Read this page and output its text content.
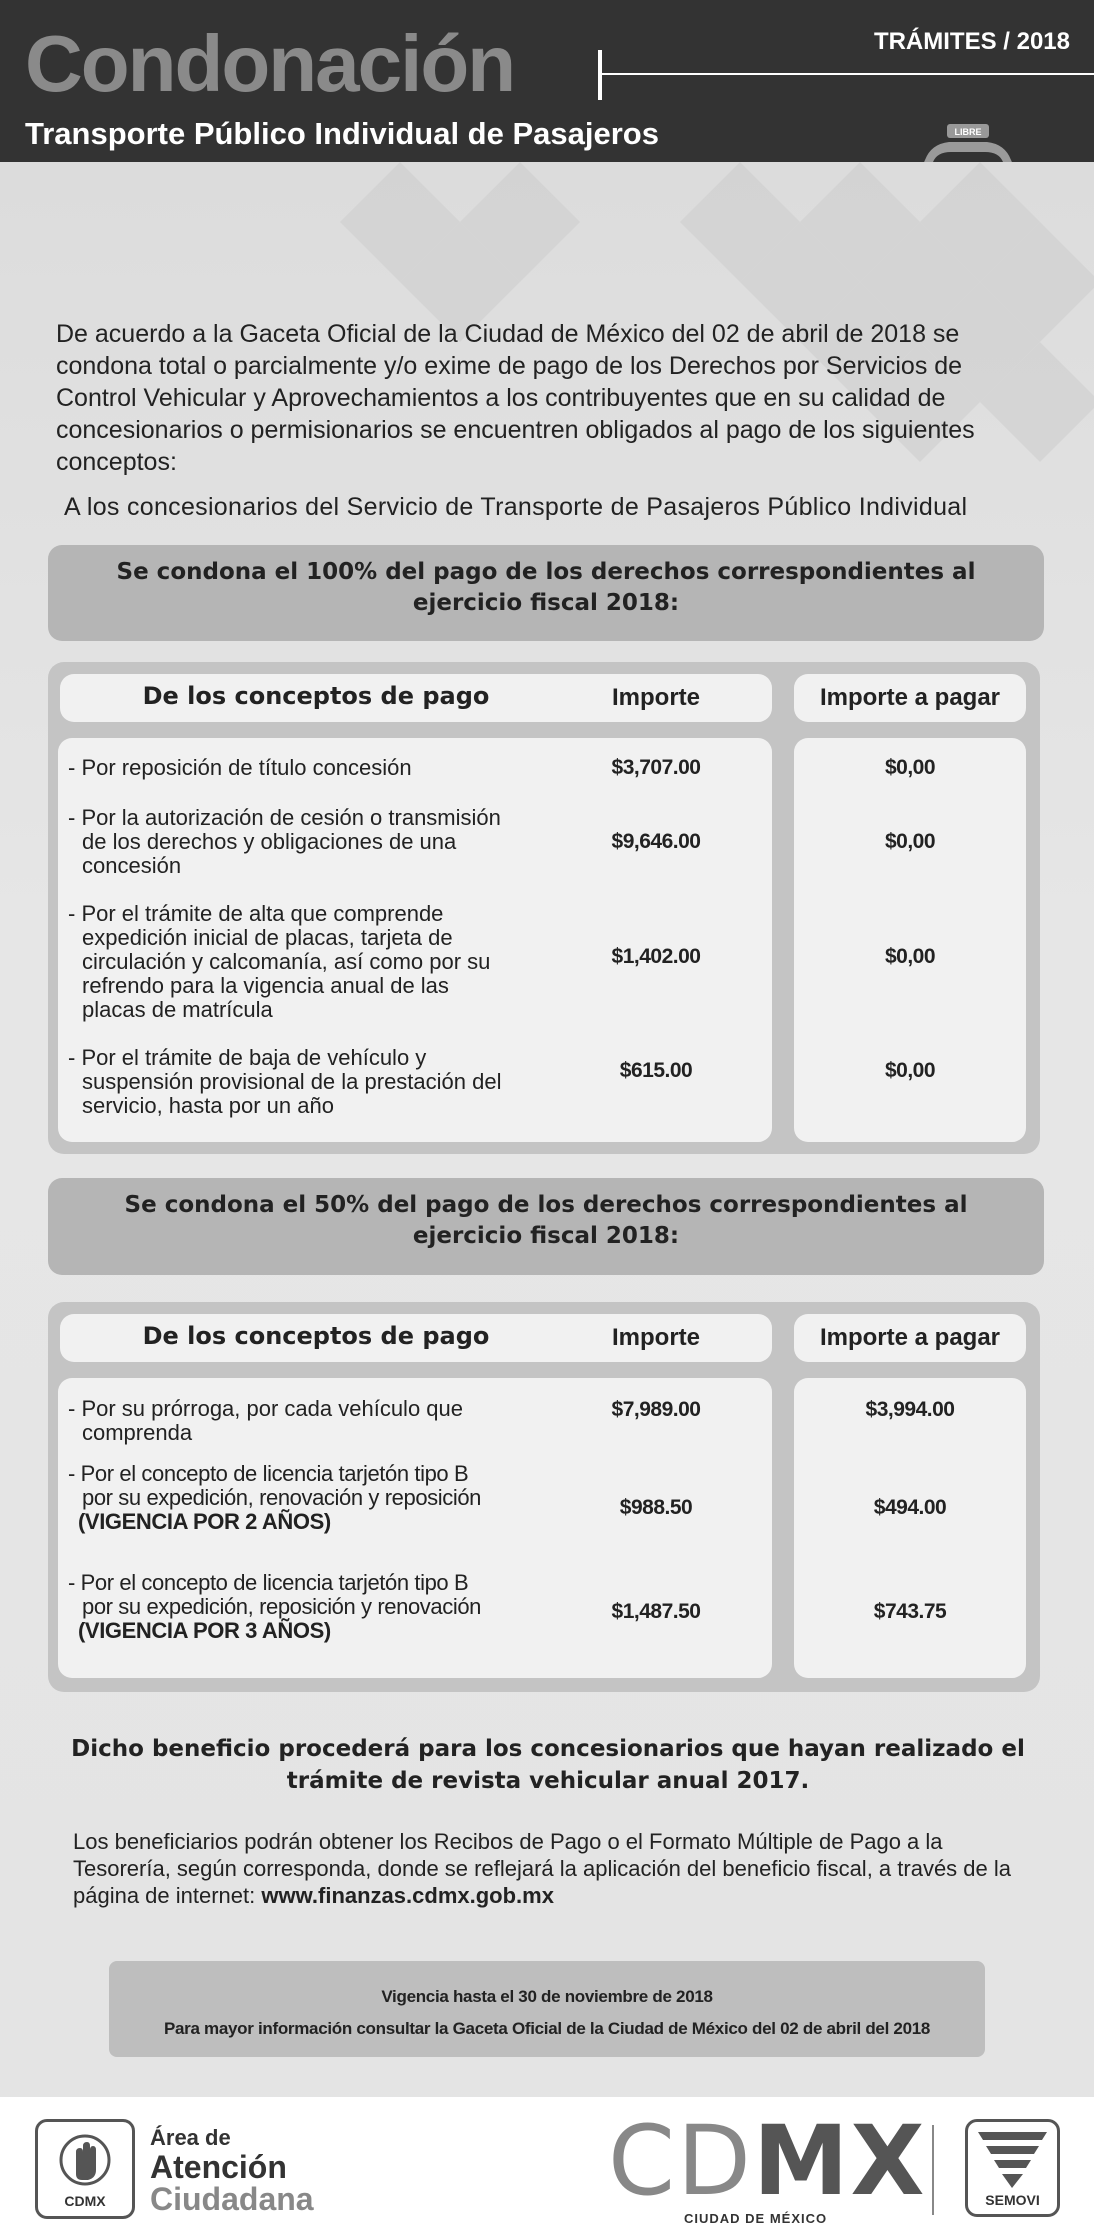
Condonación
Transporte Público Individual de Pasajeros
TRÁMITES / 2018
LIBRE
De acuerdo a la Gaceta Oficial de la Ciudad de México del 02 de abril de 2018 se condona total o parcialmente y/o exime de pago de los Derechos por Servicios de Control Vehicular y Aprovechamientos a los contribuyentes que en su calidad de concesionarios o permisionarios se encuentren obligados al pago de los siguientes conceptos:
A los concesionarios del Servicio de Transporte de Pasajeros Público Individual
Se condona el 100% del pago de los derechos correspondientes al ejercicio fiscal 2018:
De los conceptos de pago	Importe	Importe a pagar
- Por reposición de título concesión	$3,707.00	$0,00
- Por la autorización de cesión o transmisión
de los derechos y obligaciones de una concesión
$9,646.00	$0,00
- Por el trámite de alta que comprende
expedición inicial de placas, tarjeta de circulación y calcomanía, así como por su refrendo para la vigencia anual de las placas de matrícula
$1,402.00	$0,00
- Por el trámite de baja de vehículo y
suspensión provisional de la prestación del servicio, hasta por un año
$615.00	$0,00
Se condona el 50% del pago de los derechos correspondientes al ejercicio fiscal 2018:
De los conceptos de pago	Importe	Importe a pagar
- Por su prórroga, por cada vehículo que
comprenda
$7,989.00	$3,994.00
- Por el concepto de licencia tarjetón tipo B
por su expedición, renovación y reposición
(VIGENCIA POR 2 AÑOS)
$988.50	$494.00
- Por el concepto de licencia tarjetón tipo B
por su expedición, reposición y renovación
(VIGENCIA POR 3 AÑOS)
$1,487.50	$743.75
Dicho beneficio procederá para los concesionarios que hayan realizado el trámite de revista vehicular anual 2017.
Los beneficiarios podrán obtener los Recibos de Pago o el Formato Múltiple de Pago a la Tesorería, según corresponda, donde se reflejará la aplicación del beneficio fiscal, a través de la página de internet: www.finanzas.cdmx.gob.mx
Vigencia hasta el 30 de noviembre de 2018
Para mayor información consultar la Gaceta Oficial de la Ciudad de México del 02 de abril del 2018
CDMX
Área de
Atención
Ciudadana	CDMX
CIUDAD DE MÉXICO
SEMOVI
